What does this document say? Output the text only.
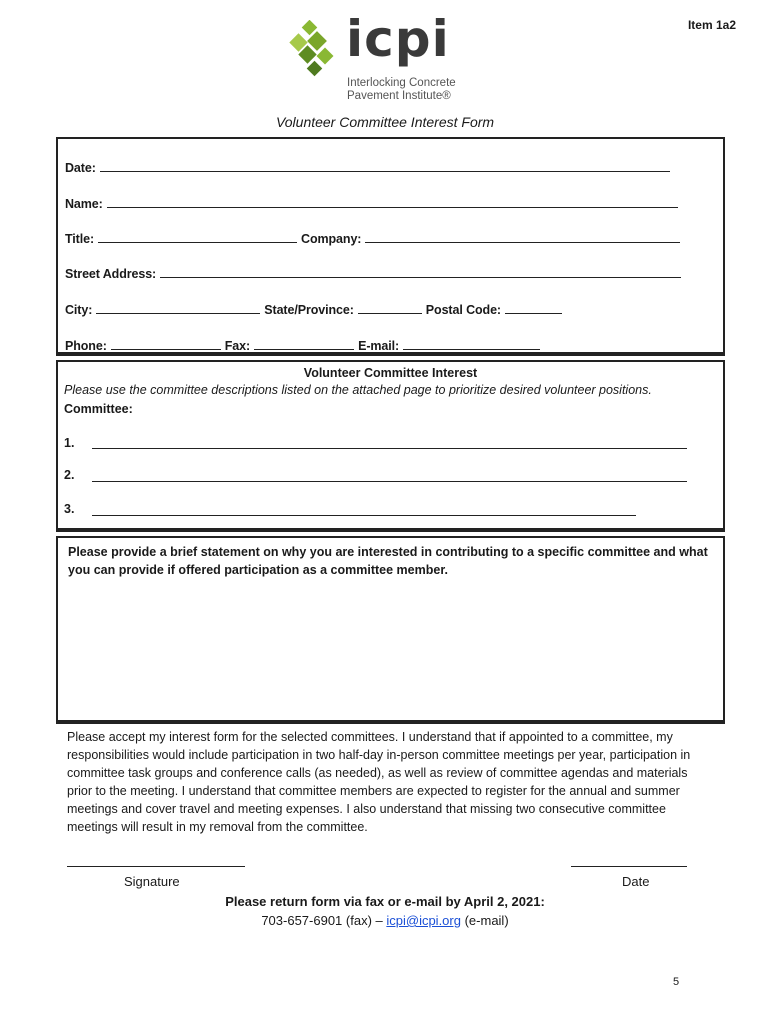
Item 1a2
icpi
Interlocking Concrete
Pavement Institute®
Volunteer Committee Interest Form
Date:
Name:
Title:	Company:
Street Address:
City:	State/Province:	Postal Code:
Phone:	Fax:	E-mail:
Volunteer Committee Interest
Please use the committee descriptions listed on the attached page to prioritize desired volunteer positions.
Committee:
1.
2.
3.
Please provide a brief statement on why you are interested in contributing to a specific committee and what you can provide if offered participation as a committee member.
Please accept my interest form for the selected committees. I understand that if appointed to a committee, my responsibilities would include participation in two half-day in-person committee meetings per year, participation in committee task groups and conference calls (as needed), as well as review of committee agendas and materials prior to the meeting. I understand that committee members are expected to register for the annual and summer meetings and cover travel and meeting expenses. I also understand that missing two consecutive committee meetings will result in my removal from the committee.
Signature	Date
Please return form via fax or e-mail by April 2, 2021:
703-657-6901 (fax) – icpi@icpi.org (e-mail)
5
